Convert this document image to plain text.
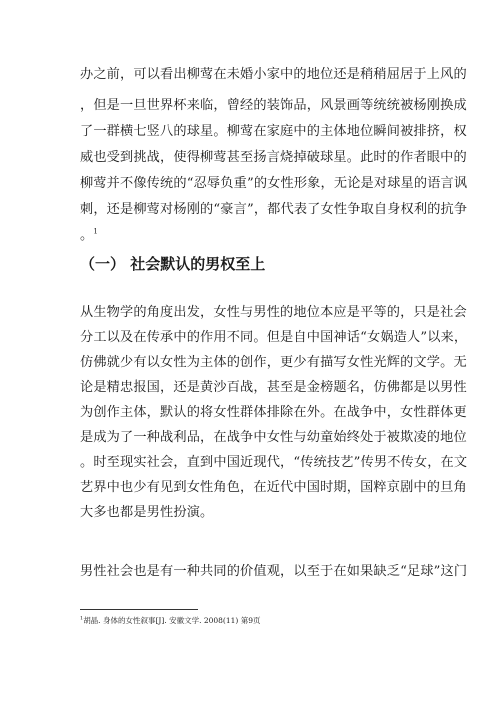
办之前，可以看出柳莺在未婚小家中的地位还是稍稍屈居于上风的
，但是一旦世界杯来临，曾经的装饰品，风景画等统统被杨刚换成
了一群横七竖八的球星。柳莺在家庭中的主体地位瞬间被排挤，权
威也受到挑战，使得柳莺甚至扬言烧掉破球星。此时的作者眼中的
柳莺并不像传统的“忍辱负重”的女性形象，无论是对球星的语言讽
刺，还是柳莺对杨刚的“豪言”，都代表了女性争取自身权利的抗争
。$^1$
（一） 社会默认的男权至上
从生物学的角度出发，女性与男性的地位本应是平等的，只是社会
分工以及在传承中的作用不同。但是自中国神话“女娲造人”以来，
仿佛就少有以女性为主体的创作，更少有描写女性光辉的文学。无
论是精忠报国，还是黄沙百战，甚至是金榜题名，仿佛都是以男性
为创作主体，默认的将女性群体排除在外。在战争中，女性群体更
是成为了一种战利品，在战争中女性与幼童始终处于被欺凌的地位
。时至现实社会，直到中国近现代，“传统技艺”传男不传女，在文
艺界中也少有见到女性角色，在近代中国时期，国粹京剧中的旦角
大多也都是男性扮演。
男性社会也是有一种共同的价值观，以至于在如果缺乏“足球”这门
$^1$胡晶. 身体的女性叙事[J]. 安徽文学. 2008(11) 第9页
